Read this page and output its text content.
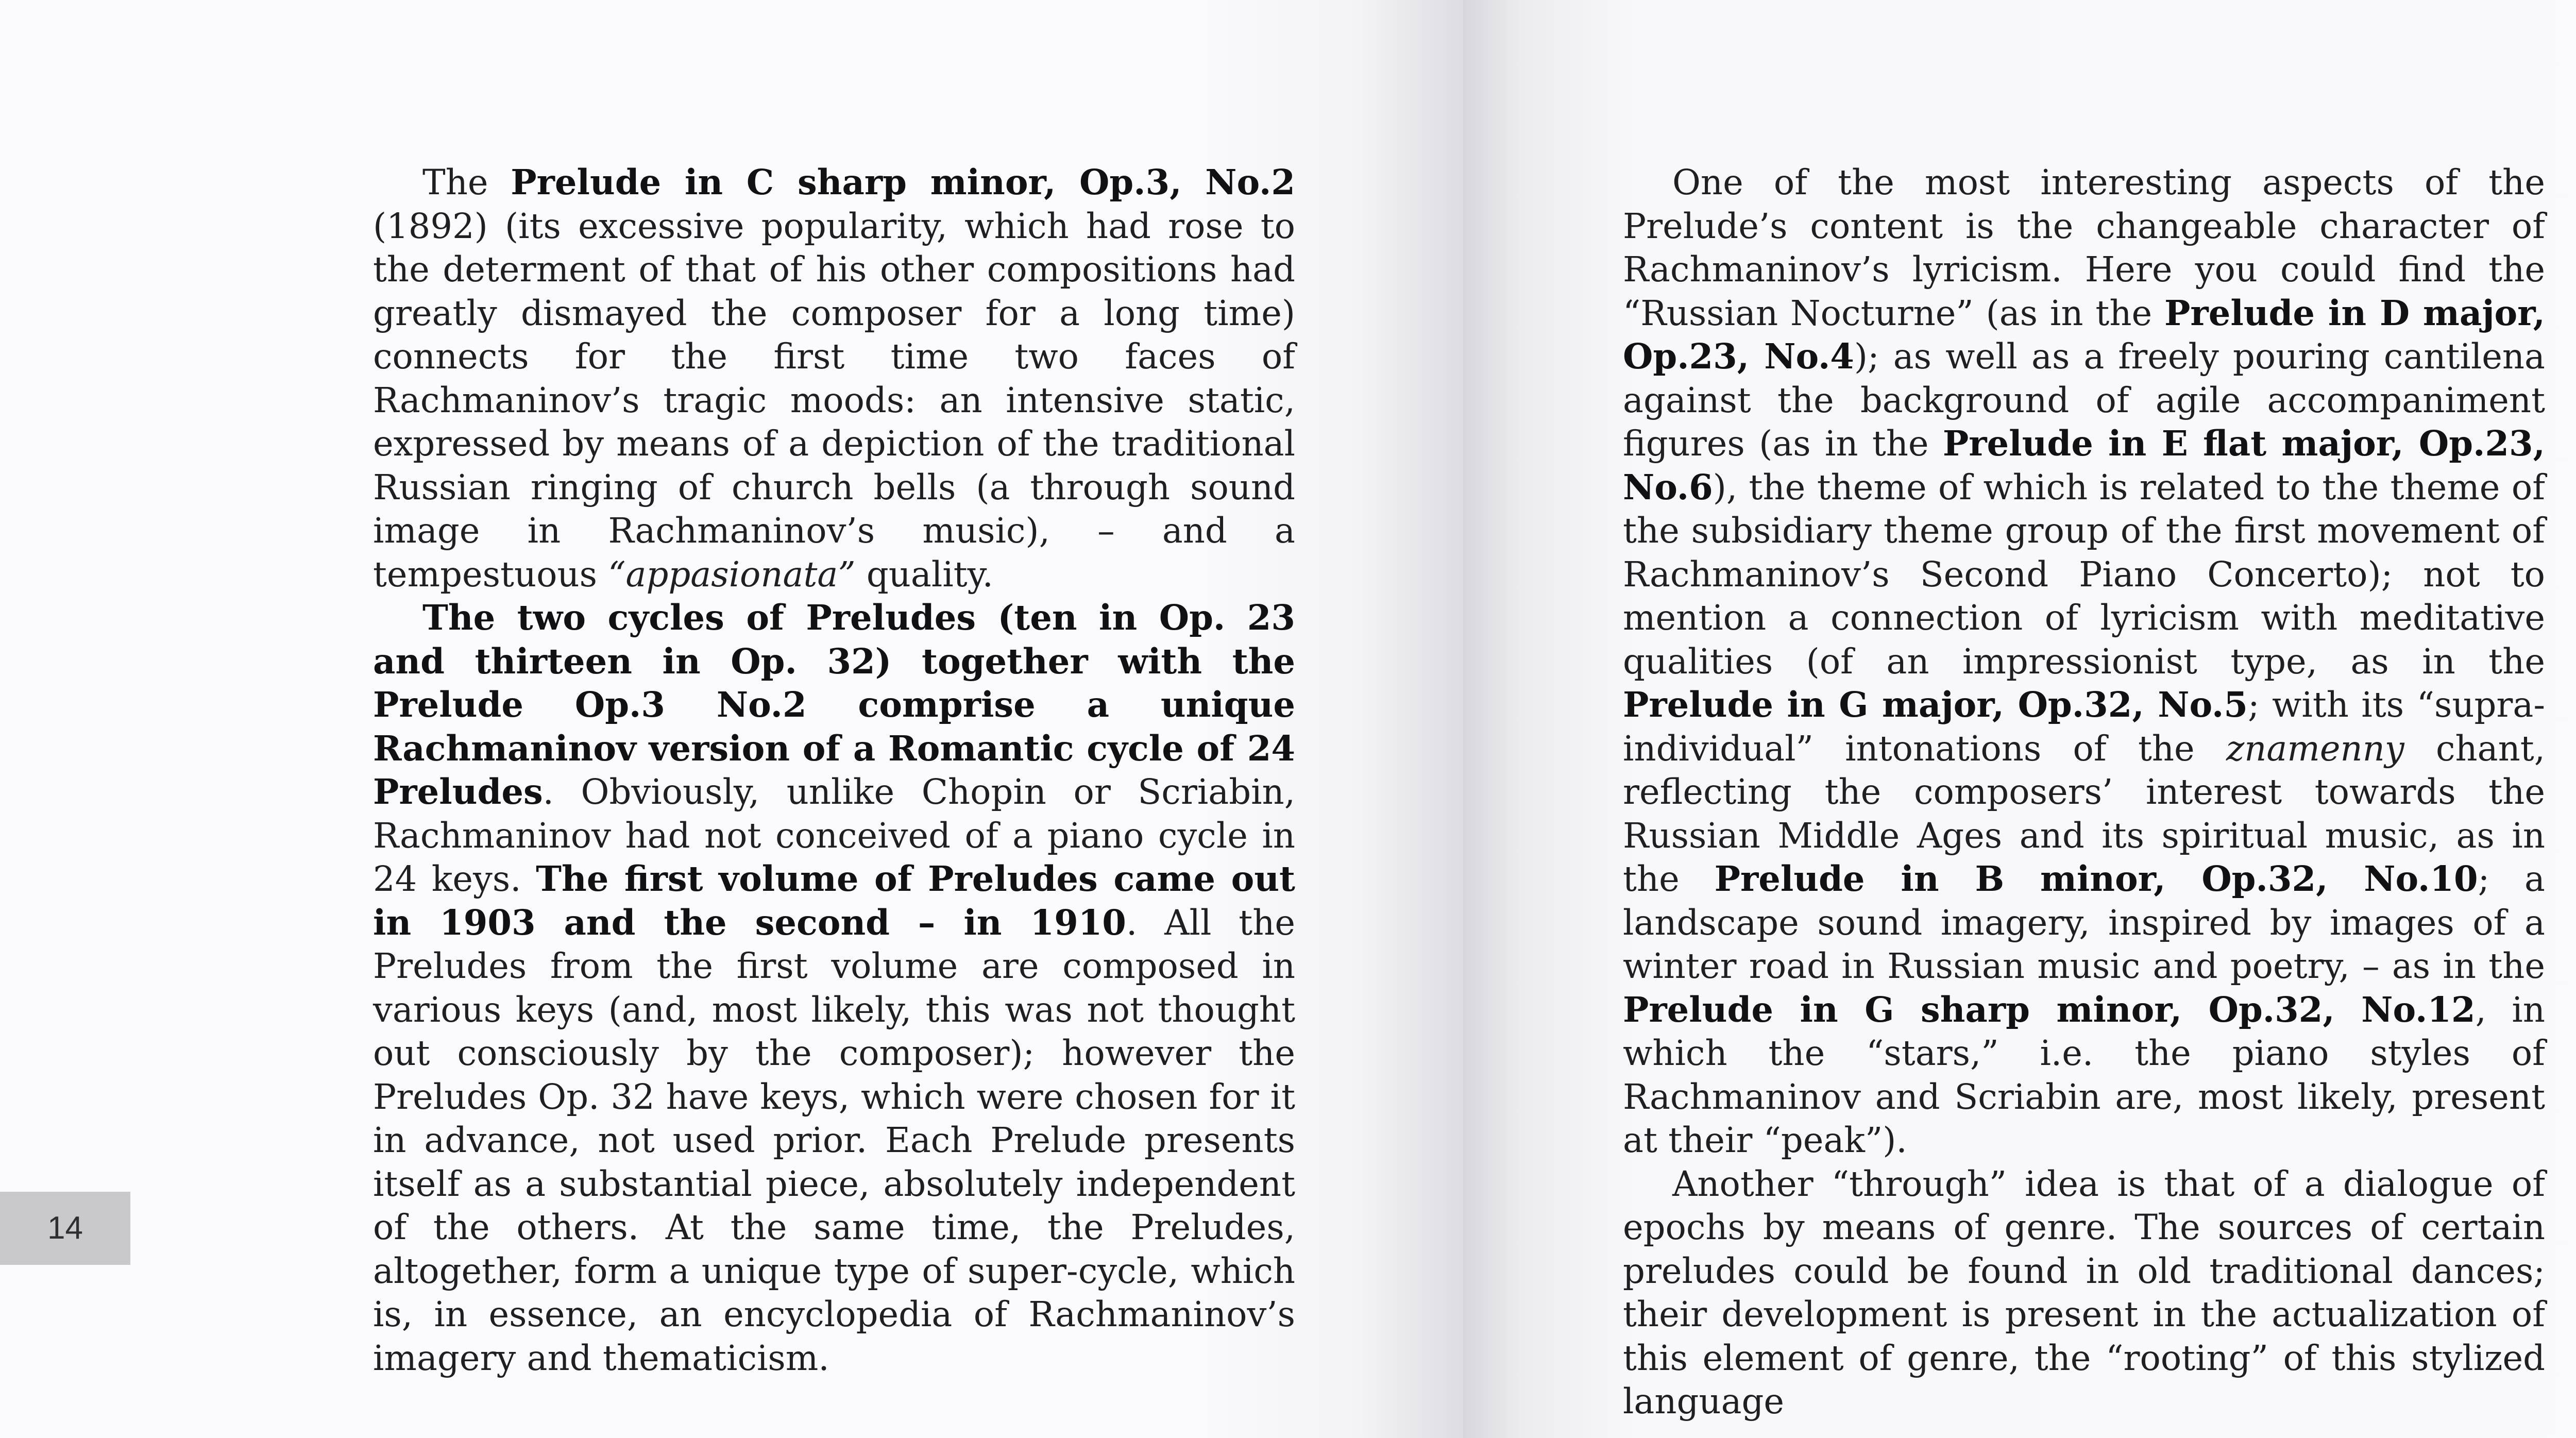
The Prelude in C sharp minor, Op.3, No.2 (1892) (its excessive popularity, which had rose to the determent of that of his other compositions had greatly dismayed the composer for a long time) connects for the first time two faces of Rachmaninov’s tragic moods: an intensive static, expressed by means of a depiction of the traditional Russian ringing of church bells (a through sound image in Rachmaninov’s music), – and a tempestuous “appasionata” quality.

The two cycles of Preludes (ten in Op. 23 and thirteen in Op. 32) together with the Prelude Op.3 No.2 comprise a unique Rachmaninov version of a Romantic cycle of 24 Preludes. Obviously, unlike Chopin or Scriabin, Rachmaninov had not conceived of a piano cycle in 24 keys. The first volume of Preludes came out in 1903 and the second – in 1910. All the Preludes from the first volume are composed in various keys (and, most likely, this was not thought out consciously by the composer); however the Preludes Op. 32 have keys, which were chosen for it in advance, not used prior. Each Prelude presents itself as a substantial piece, absolutely independent of the others. At the same time, the Preludes, altogether, form a unique type of super-cycle, which is, in essence, an encyclopedia of Rachmaninov’s imagery and thematicism.

14

One of the most interesting aspects of the Prelude’s content is the changeable character of Rachmaninov’s lyricism. Here you could find the “Russian Nocturne” (as in the Prelude in D major, Op.23, No.4); as well as a freely pouring cantilena against the background of agile accompaniment figures (as in the Prelude in E flat major, Op.23, No.6), the theme of which is related to the theme of the subsidiary theme group of the first movement of Rachmaninov’s Second Piano Concerto); not to mention a connection of lyricism with meditative qualities (of an impressionist type, as in the Prelude in G major, Op.32, No.5; with its “supra-individual” intonations of the znamenny chant, reflecting the composers’ interest towards the Russian Middle Ages and its spiritual music, as in the Prelude in B minor, Op.32, No.10; a landscape sound imagery, inspired by images of a winter road in Russian music and poetry, – as in the Prelude in G sharp minor, Op.32, No.12, in which the “stars,” i.e. the piano styles of Rachmaninov and Scriabin are, most likely, present at their “peak”).

Another “through” idea is that of a dialogue of epochs by means of genre. The sources of certain preludes could be found in old traditional dances; their development is present in the actualization of this element of genre, the “rooting” of this stylized language
